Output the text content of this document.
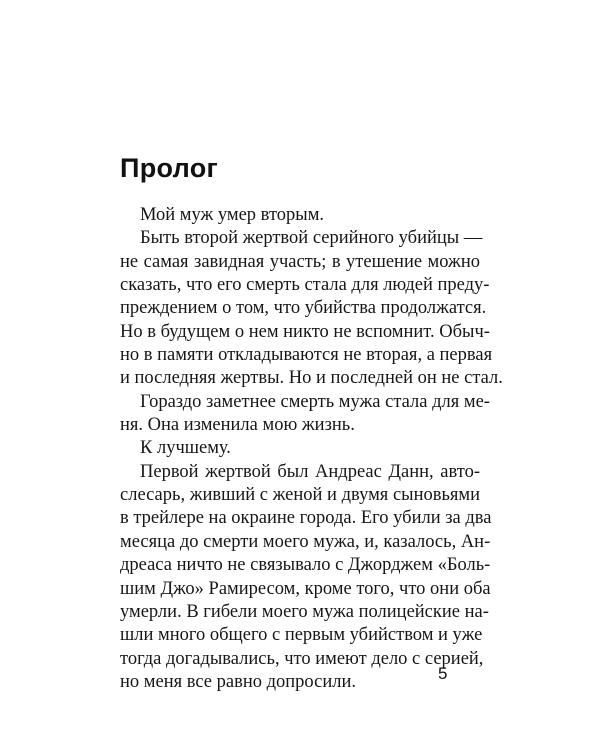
Пролог
Мой муж умер вторым.
Быть второй жертвой серийного убийцы —
не самая завидная участь; в утешение можно
сказать, что его смерть стала для людей преду-
преждением о том, что убийства продолжатся.
Но в будущем о нем никто не вспомнит. Обыч-
но в памяти откладываются не вторая, а первая
и последняя жертвы. Но и последней он не стал.
Гораздо заметнее смерть мужа стала для ме-
ня. Она изменила мою жизнь.
К лучшему.
Первой жертвой был Андреас Данн, авто-
слесарь, живший с женой и двумя сыновьями
в трейлере на окраине города. Его убили за два
месяца до смерти моего мужа, и, казалось, Ан-
дреаса ничто не связывало с Джорджем «Боль-
шим Джо» Рамиресом, кроме того, что они оба
умерли. В гибели моего мужа полицейские на-
шли много общего с первым убийством и уже
тогда догадывались, что имеют дело с серией,
но меня все равно допросили.	5
